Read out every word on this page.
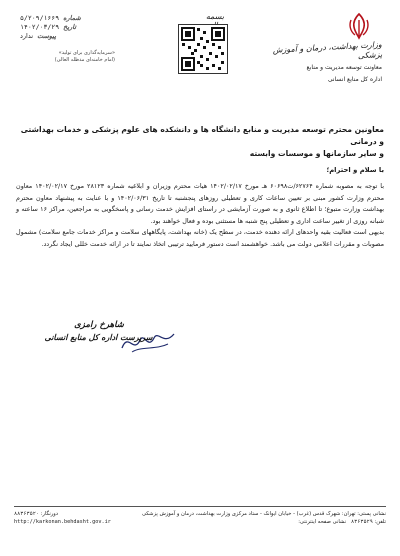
وزارت بهداشت، درمان و آموزش پزشکی
معاونت توسعه مدیریت و منابع
اداره کل منابع انسانی
بسمه تعالی
شماره
۵/۲۰۹/۱۶۶۹
تاریخ
۱۴۰۲/۰۳/۲۹
پیوست
ندارد
«سرمایه‌گذاری برای تولید»
(امام خامنه‌ای مدظله العالی)
معاونین محترم توسعه مدیریت و منابع دانشگاه ها و دانشکده های علوم پزشکی و خدمات بهداشتی و درمانی
و سایر سازمانها و موسسات وابسته
با سلام و احترام؛

با توجه به مصوبه شماره ۶۲۷۶۴/ت۶۰۶۹۸ هـ مورخ ۱۴۰۲/۰۲/۱۷ هیات محترم وزیران و ابلاغیه شماره ۲۸۱۲۳ مورخ ۱۴۰۲/۰۲/۱۷ معاون محترم وزارت کشور مبنی بر تعیین ساعات کاری و تعطیلی روزهای پنجشنبه تا تاریخ ۱۴۰۲/۰۶/۳۱ و با عنایت به پیشنهاد معاون محترم بهداشت وزارت متبوع؛ تا اطلاع ثانوی و به صورت آزمایشی در راستای افزایش خدمت رسانی و پاسخگویی به مراجعین، مراکز ۱۶ ساعته و شبانه روزی از تغییر ساعت اداری و تعطیلی پنج شنبه ها مستثنی بوده و فعال خواهند بود.

بدیهی است فعالیت بقیه واحدهای ارائه دهنده خدمت، در سطح یک (خانه بهداشت، پایگاههای سلامت و مراکز خدمات جامع سلامت) مشمول مصوبات و مقررات اعلامی دولت می باشد. خواهشمند است دستور فرمایید ترتیبی اتخاذ نمایند تا در ارائه خدمت خللی ایجاد نگردد.

شاهرخ رامزی
سرپرست اداره کل منابع انسانی
نشانی پستی: تهران: شهرک قدس (غرب) - خیابان ایوانک - ستاد مرکزی وزارت بهداشت، درمان و آموزش پزشکی
دورنگار: ۸۸۳۶۳۵۲۰
تلفن: ۸۳۶۳۵۲۹   نشانی صفحه اینترنتی:
http://karkonan.behdasht.gov.ir
